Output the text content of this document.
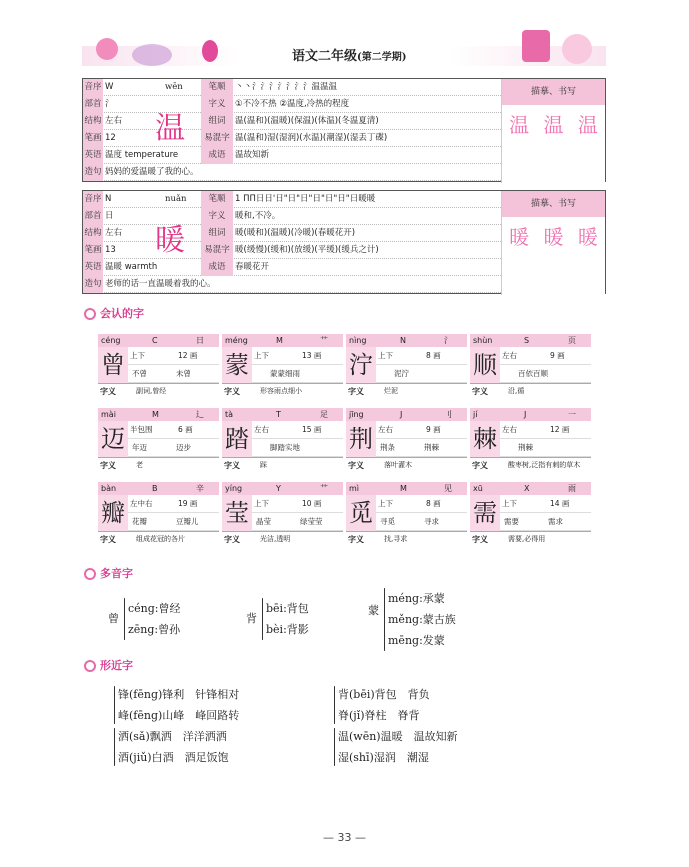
语文二年级(第二学期)
音序 W	wēn	笔顺	丶丶氵氵氵氵氵氵氵温温温
部首 氵	字义	①不冷不热 ②温度,冷热的程度
结构 左右	组词	温(温和)(温暖)(保温)(体温)(冬温夏清)
笔画 12	易混字 温(温和)湿(湿润)(水温)(潮湿)(湿丢丁碟)
英语 温度 temperature	成语	温故知新
造句 妈妈的爱温暖了我的心。
温
描摹、书写
温 温 温
音序 N	nuǎn	笔顺	1 ΠΠ日日'日"日"日"日"日"日"日暖暖
部首 日	字义	暖和,不冷。
结构 左右	组词	暖(暖和)(温暖)(冷暖)(春暖花开)
笔画 13	易混字 暖(缓慢)(缓和)(放缓)(平缓)(缓兵之计)
英语 温暖 warmth	成语	春暖花开
造句 老师的话一直温暖着我的心。
暖
描摹、书写
暖 暖 暖
会认的字
céng	C	日
曾 上下	12 画
不曾	未曾
字义	副词,曾经
méng	M	艹
蒙 上下	13 画
蒙蒙细雨
字义	形容雨点细小
nìng	N	氵
泞 上下	8 画
泥泞
字义	烂泥
shùn	S	页
顺 左右	9 画
百依百顺
字义	沿,循
mài	M	辶
迈 半包围	6 画
年迈	迈步
字义	老
tà	T	足
踏 左右	15 画
脚踏实地
字义	踩
jīng	J	刂
荆 左右	9 画
荆条	荆棘
字义	落叶灌木
jí	J	一
棘 左右	12 画
荆棘
字义	酸枣树,泛指有刺的草木
bàn	B	辛
瓣 左中右	19 画
花瓣	豆瓣儿
字义	组成花冠的各片
yíng	Y	艹
莹 上下	10 画
晶莹	绿莹莹
字义	光洁,透明
mì	M	见
觅 上下	8 画
寻觅	寻求
字义	找,寻求
xū	X	雨
需 上下	14 画
需要	需求
字义	需要,必得用
多音字
曾
céng:曾经
zēng:曾孙
背
bēi:背包
bèi:背影
蒙
méng:承蒙
měng:蒙古族
mēng:发蒙
形近字
锋(fēng)锋利　针锋相对
峰(fēng)山峰　峰回路转
洒(sǎ)飘洒　洋洋洒洒
酒(jiǔ)白酒　酒足饭饱
背(bēi)背包　背负
脊(jǐ)脊柱　脊背
温(wēn)温暖　温故知新
湿(shī)湿润　潮湿
— 33 —
